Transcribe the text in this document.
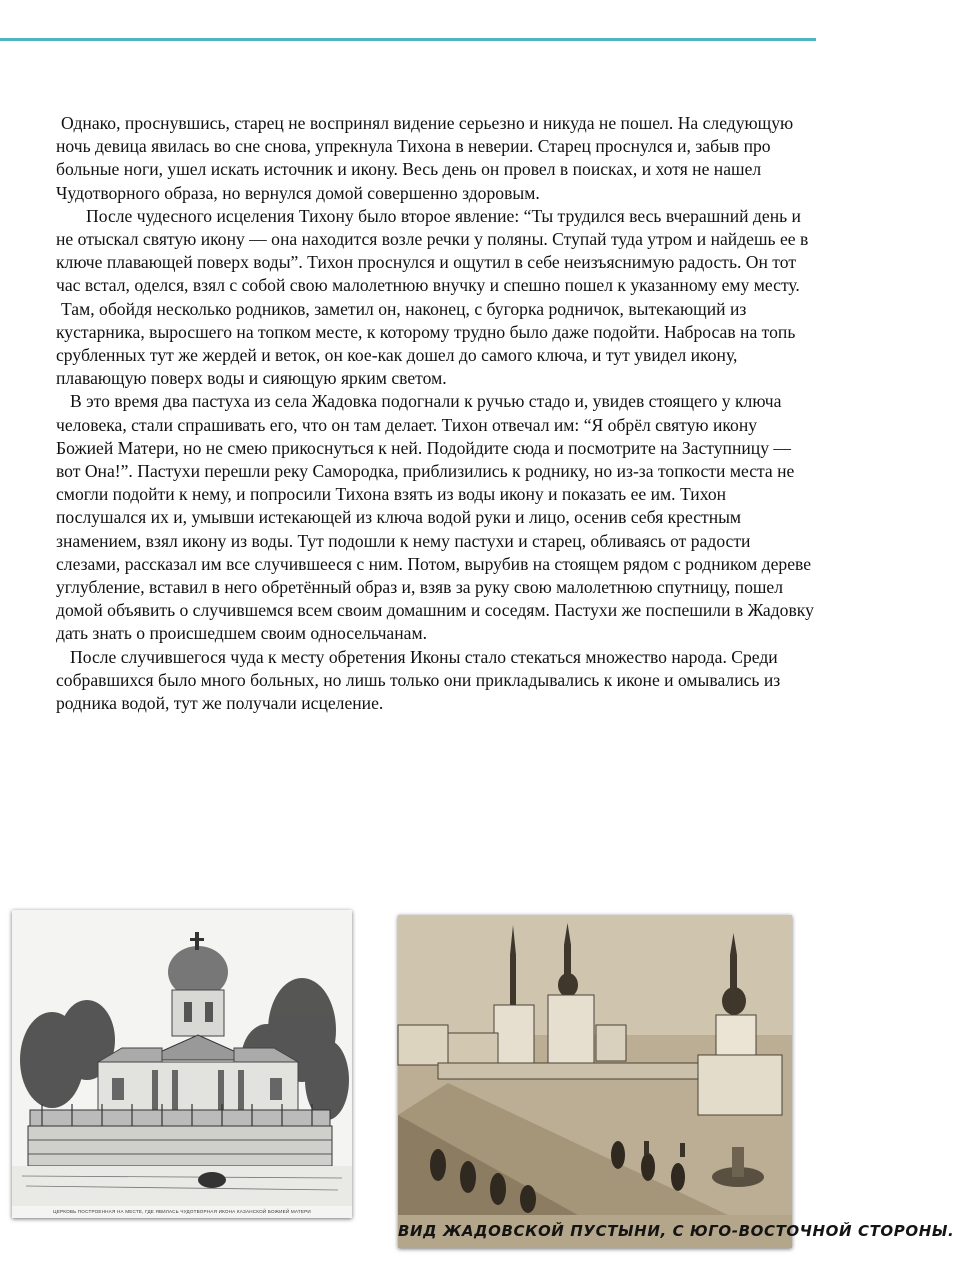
Однако, проснувшись, старец не воспринял видение серьезно и никуда не пошел. На следующую ночь девица явилась во сне снова, упрекнула Тихона в неверии. Старец проснулся и, забыв про больные ноги, ушел искать источник и икону. Весь день он провел в поисках, и хотя не нашел Чудотворного образа, но вернулся домой совершенно здоровым.

После чудесного исцеления Тихону было второе явление: “Ты трудился весь вчерашний день и не отыскал святую икону — она находится возле речки у поляны. Ступай туда утром и найдешь ее в ключе плавающей поверх воды”. Тихон проснулся и ощутил в себе неизъяснимую радость. Он тот час встал, оделся, взял с собой свою малолетнюю внучку и спешно пошел к указанному ему месту.

Там, обойдя несколько родников, заметил он, наконец, с бугорка родничок, вытекающий из кустарника, выросшего на топком месте, к которому трудно было даже подойти. Набросав на топь срубленных тут же жердей и веток, он кое-как дошел до самого ключа, и тут увидел икону, плавающую поверх воды и сияющую ярким светом.

В это время два пастуха из села Жадовка подогнали к ручью стадо и, увидев стоящего у ключа человека, стали спрашивать его, что он там делает. Тихон отвечал им: “Я обрёл святую икону Божией Матери, но не смею прикоснуться к ней. Подойдите сюда и посмотрите на Заступницу — вот Она!”. Пастухи перешли реку Самородка, приблизились к роднику, но из-за топкости места не смогли подойти к нему, и попросили Тихона взять из воды икону и показать ее им. Тихон послушался их и, умывши истекающей из ключа водой руки и лицо, осенив себя крестным знамением, взял икону из воды. Тут подошли к нему пастухи и старец, обливаясь от радости слезами, рассказал им все случившееся с ним. Потом, вырубив на стоящем рядом с родником дереве углубление, вставил в него обретённый образ и, взяв за руку свою малолетнюю спутницу, пошел домой объявить о случившемся всем своим домашним и соседям. Пастухи же поспешили в Жадовку дать знать о происшедшем своим односельчанам.

После случившегося чуда к месту обретения Иконы стало стекаться множество народа. Среди собравшихся было много больных, но лишь только они прикладывались к иконе и омывались из родника водой, тут же получали исцеление.

ЦЕРКОВЬ ПОСТРОЕННАЯ НА МЕСТЕ, ГДЕ ЯВИЛАСЬ ЧУДОТВОРНАЯ ИКОНА КАЗАНСКОЙ БОЖИЕЙ МАТЕРИ
ВИД ЖАДОВСКОЙ ПУСТЫНИ, С ЮГО-ВОСТОЧНОЙ СТОРОНЫ.
